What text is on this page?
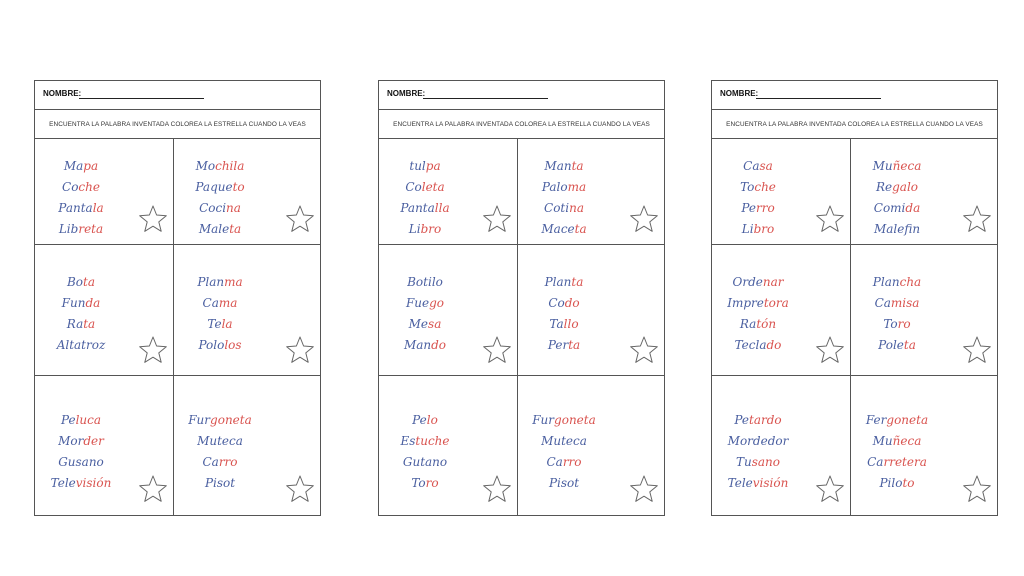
NOMBRE:
ENCUENTRA LA PALABRA INVENTADA COLOREA LA ESTRELLA CUANDO LA VEAS
Mapa
Coche
Pantala
Libreta
Mochila
Paqueto
Cocina
Maleta
Bota
Funda
Rata
Altatroz
Planma
Cama
Tela
Pololos
Peluca
Morder
Gusano
Televisión
Furgoneta
Muteca
Carro
Pisot
NOMBRE:
ENCUENTRA LA PALABRA INVENTADA COLOREA LA ESTRELLA CUANDO LA VEAS
tulpa
Coleta
Pantalla
Libro
Manta
Paloma
Cotina
Maceta
Botilo
Fuego
Mesa
Mando
Planta
Codo
Tallo
Perta
Pelo
Estuche
Gutano
Toro
Furgoneta
Muteca
Carro
Pisot
NOMBRE:
ENCUENTRA LA PALABRA INVENTADA COLOREA LA ESTRELLA CUANDO LA VEAS
Casa
Toche
Perro
Libro
Muñeca
Regalo
Comida
Malefin
Ordenar
Impretora
Ratón
Teclado
Plancha
Camisa
Toro
Poleta
Petardo
Mordedor
Tusano
Televisión
Fergoneta
Muñeca
Carretera
Piloto
